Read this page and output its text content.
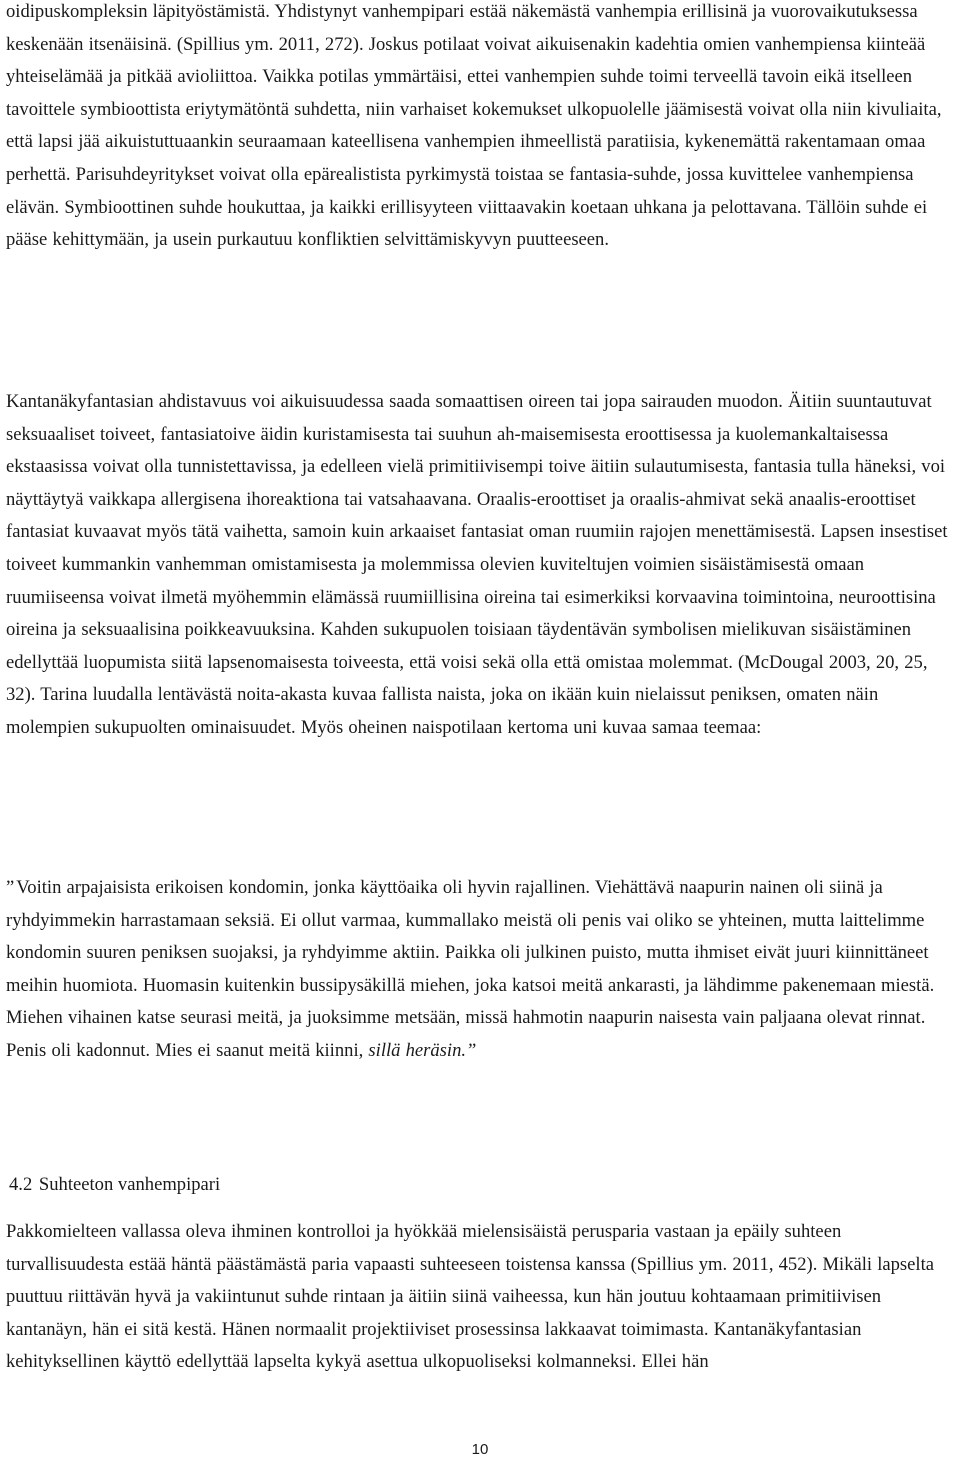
oidipuskompleksin läpityöstämistä. Yhdistynyt vanhempipari estää näkemästä vanhempia erillisinä ja vuorovaikutuksessa keskenään itsenäisinä. (Spillius ym. 2011, 272). Joskus potilaat voivat aikuisenakin kadehtia omien vanhempiensa kiinteää yhteiselämää ja pitkää avioliittoa. Vaikka potilas ymmärtäisi, ettei vanhempien suhde toimi terveellä tavoin eikä itselleen tavoittele symbioottista eriytymätöntä suhdetta, niin varhaiset kokemukset ulkopuolelle jäämisestä voivat olla niin kivuliaita, että lapsi jää aikuistuttuaankin seuraamaan kateellisena vanhempien ihmeellistä paratiisia, kykenemättä rakentamaan omaa perhettä. Parisuhdeyritykset voivat olla epärealistista pyrkimystä toistaa se fantasia-suhde, jossa kuvittelee vanhempiensa elävän. Symbioottinen suhde houkuttaa, ja kaikki erillisyyteen viittaavakin koetaan uhkana ja pelottavana. Tällöin suhde ei pääse kehittymään, ja usein purkautuu konfliktien selvittämiskyvyn puutteeseen.

Kantanäkyfantasian ahdistavuus voi aikuisuudessa saada somaattisen oireen tai jopa sairauden muodon. Äitiin suuntautuvat seksuaaliset toiveet, fantasiatoive äidin kuristamisesta tai suuhun ah-maisemisesta eroottisessa ja kuolemankaltaisessa ekstaasissa voivat olla tunnistettavissa, ja edelleen vielä primitiivisempi toive äitiin sulautumisesta, fantasia tulla häneksi, voi näyttäytyä vaikkapa allergisena ihoreaktiona tai vatsahaavana. Oraalis-eroottiset ja oraalis-ahmivat sekä anaalis-eroottiset fantasiat kuvaavat myös tätä vaihetta, samoin kuin arkaaiset fantasiat oman ruumiin rajojen menettämisestä. Lapsen insestiset toiveet kummankin vanhemman omistamisesta ja molemmissa olevien kuviteltujen voimien sisäistämisestä omaan ruumiiseensa voivat ilmetä myöhemmin elämässä ruumiillisina oireina tai esimerkiksi korvaavina toimintoina, neuroottisina oireina ja seksuaalisina poikkeavuuksina. Kahden sukupuolen toisiaan täydentävän symbolisen mielikuvan sisäistäminen edellyttää luopumista siitä lapsenomaisesta toiveesta, että voisi sekä olla että omistaa molemmat. (McDougal 2003, 20, 25, 32). Tarina luudalla lentävästä noita-akasta kuvaa fallista naista, joka on ikään kuin nielaissut peniksen, omaten näin molempien sukupuolten ominaisuudet. Myös oheinen naispotilaan kertoma uni kuvaa samaa teemaa:

” Voitin arpajaisista erikoisen kondomin, jonka käyttöaika oli hyvin rajallinen. Viehättävä naapurin nainen oli siinä ja ryhdyimmekin harrastamaan seksiä. Ei ollut varmaa, kummallako meistä oli penis vai oliko se yhteinen, mutta laittelimme kondomin suuren peniksen suojaksi, ja ryhdyimme aktiin. Paikka oli julkinen puisto, mutta ihmiset eivät juuri kiinnittäneet meihin huomiota. Huomasin kuitenkin bussipysäkillä miehen, joka katsoi meitä ankarasti, ja lähdimme pakenemaan miestä. Miehen vihainen katse seurasi meitä, ja juoksimme metsään, missä hahmotin naapurin naisesta vain paljaana olevat rinnat. Penis oli kadonnut. Mies ei saanut meitä kiinni, sillä heräsin.”

4.2 Suhteeton vanhempipari

Pakkomielteen vallassa oleva ihminen kontrolloi ja hyökkää mielensisäistä perusparia vastaan ja epäily suhteen turvallisuudesta estää häntä päästämästä paria vapaasti suhteeseen toistensa kanssa (Spillius ym. 2011, 452). Mikäli lapselta puuttuu riittävän hyvä ja vakiintunut suhde rintaan ja äitiin siinä vaiheessa, kun hän joutuu kohtaamaan primitiivisen kantanäyn, hän ei sitä kestä. Hänen normaalit projektiiviset prosessinsa lakkaavat toimimasta. Kantanäkyfantasian kehityksellinen käyttö edellyttää lapselta kykyä asettua ulkopuoliseksi kolmanneksi. Ellei hän

10
